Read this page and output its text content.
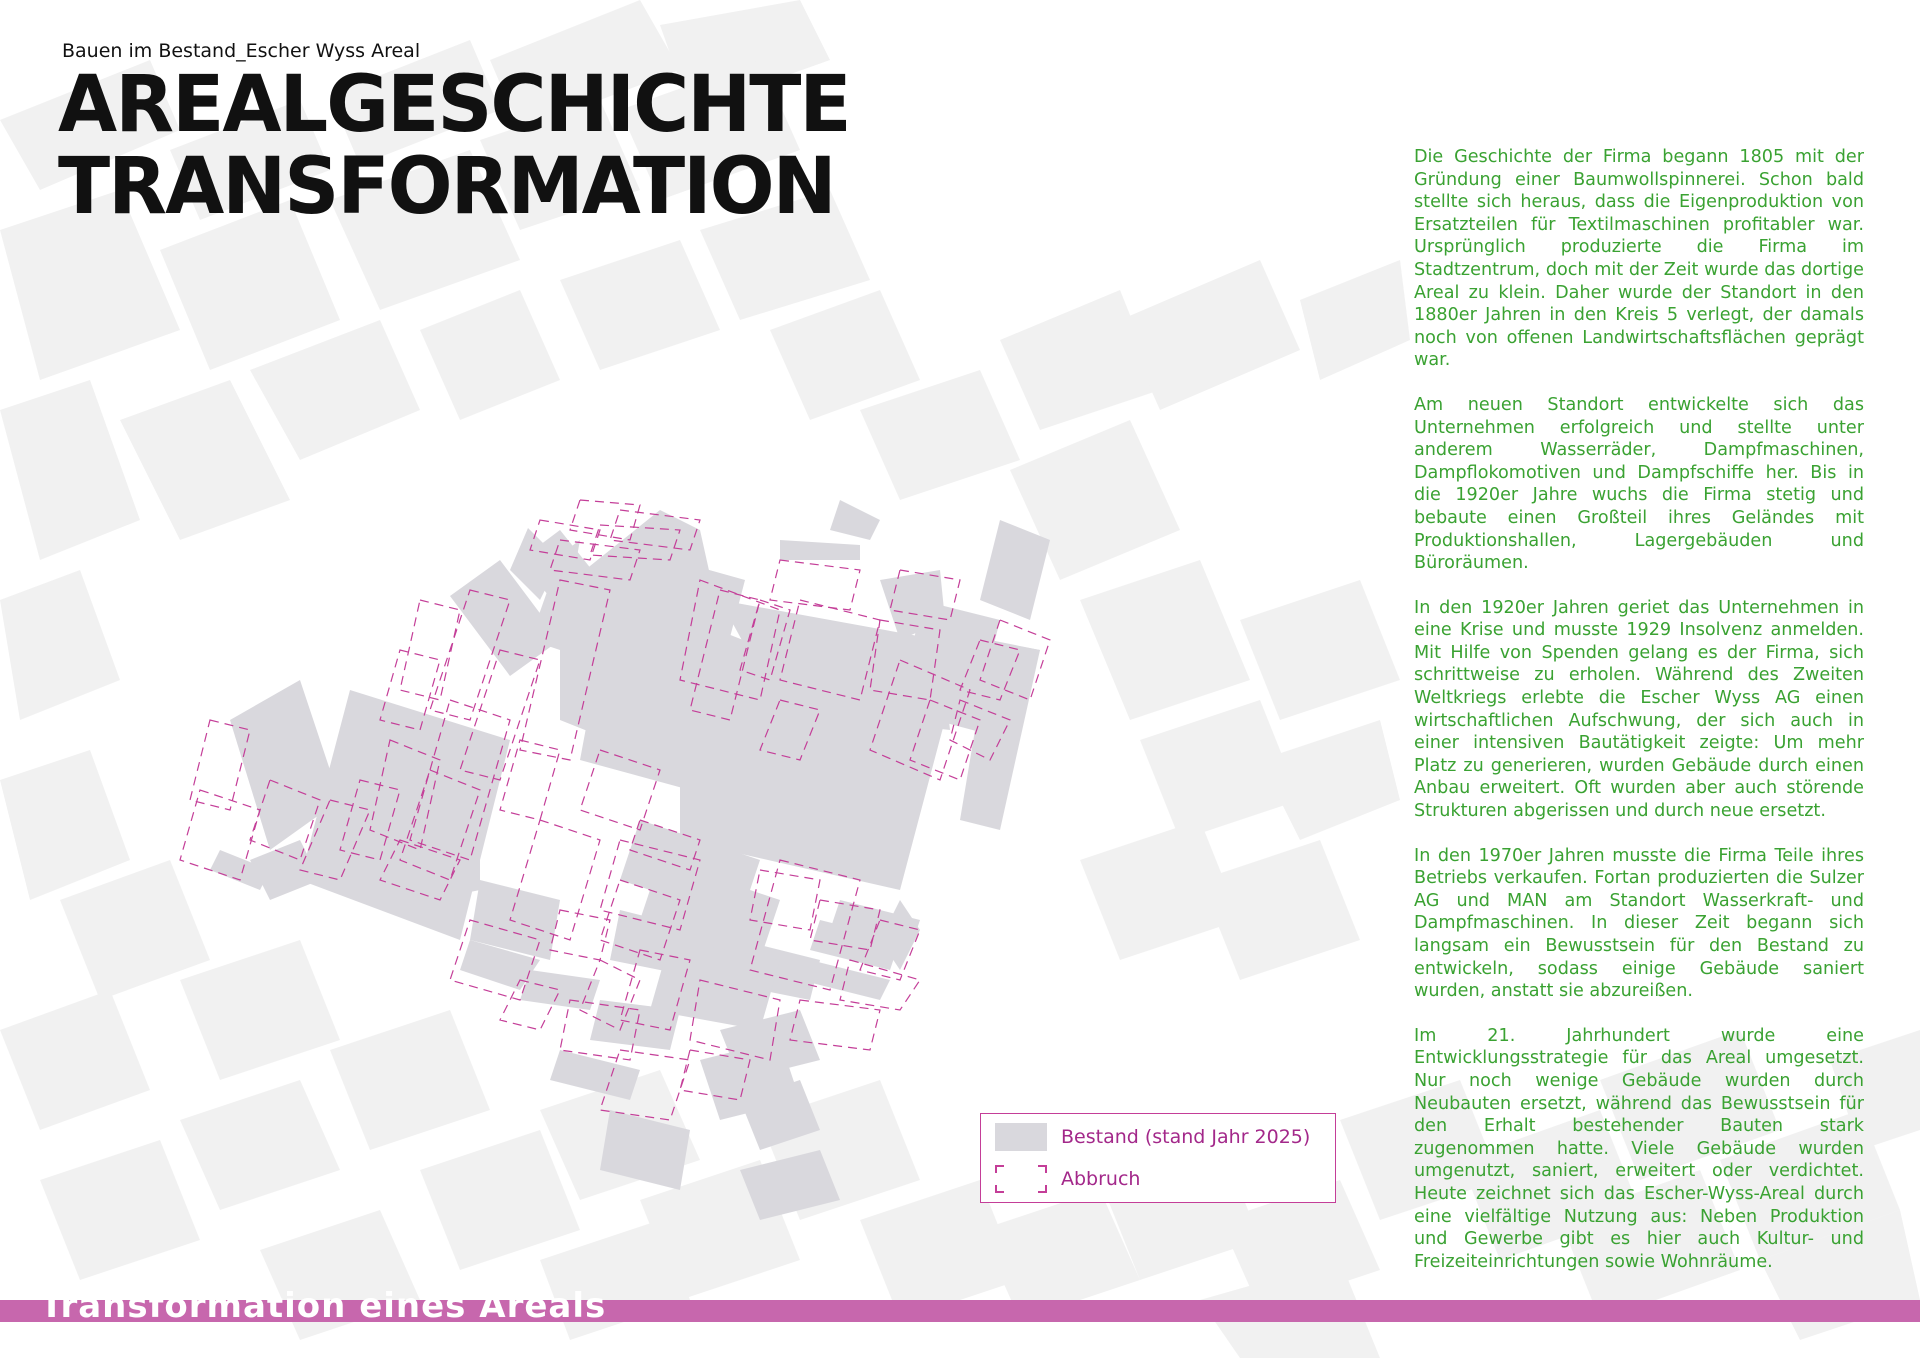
Bauen im Bestand_Escher Wyss Areal
AREALGESCHICHTE
TRANSFORMATION	Die Geschichte der Firma begann 1805 mit der Gründung einer Baumwollspinnerei. Schon bald stellte sich heraus, dass die Eigenproduktion von Ersatzteilen für Textilmaschinen profitabler war. Ursprünglich produzierte die Firma im Stadtzentrum, doch mit der Zeit wurde das dortige Areal zu klein. Daher wurde der Standort in den 1880er Jahren in den Kreis 5 verlegt, der damals noch von offenen Landwirtschaftsflächen geprägt war.

Am neuen Standort entwickelte sich das Unternehmen erfolgreich und stellte unter anderem Wasserräder, Dampfmaschinen, Dampflokomotiven und Dampfschiffe her. Bis in die 1920er Jahre wuchs die Firma stetig und bebaute einen Großteil ihres Geländes mit Produktionshallen, Lagergebäuden und Büroräumen.

In den 1920er Jahren geriet das Unternehmen in eine Krise und musste 1929 Insolvenz anmelden. Mit Hilfe von Spenden gelang es der Firma, sich schrittweise zu erholen. Während des Zweiten Weltkriegs erlebte die Escher Wyss AG einen wirtschaftlichen Aufschwung, der sich auch in einer intensiven Bautätigkeit zeigte: Um mehr Platz zu generieren, wurden Gebäude durch einen Anbau erweitert. Oft wurden aber auch störende Strukturen abgerissen und durch neue ersetzt.

In den 1970er Jahren musste die Firma Teile ihres Betriebs verkaufen. Fortan produzierten die Sulzer AG und MAN am Standort Wasserkraft- und Dampfmaschinen. In dieser Zeit begann sich langsam ein Bewusstsein für den Bestand zu entwickeln, sodass einige Gebäude saniert wurden, anstatt sie abzureißen.

Im 21. Jahrhundert wurde eine Entwicklungsstrategie für das Areal umgesetzt. Nur noch wenige Gebäude wurden durch Neubauten ersetzt, während das Bewusstsein für den Erhalt bestehender Bauten stark zugenommen hatte. Viele Gebäude wurden umgenutzt, saniert, erweitert oder verdichtet. Heute zeichnet sich das Escher-Wyss-Areal durch eine vielfältige Nutzung aus: Neben Produktion und Gewerbe gibt es hier auch Kultur- und Freizeiteinrichtungen sowie Wohnräume.

Bestand (stand Jahr 2025)
Abbruch
Transformation eines Areals
